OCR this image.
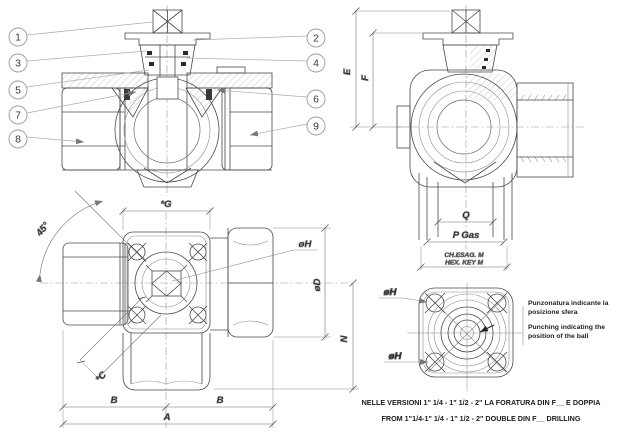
1
3
5
7
8
2
4
6
9
E
F
Q
P Gas
CH.ESAG. M
HEX. KEY M
*G
45°
øH
øD
N
*C
B	B
A
øH
øH
Punzonatura indicante la
posizione sfera
Punching indicating the
position of the ball
NELLE VERSIONI 1" 1/4 - 1" 1/2 - 2" LA FORATURA DIN F__ E DOPPIA
FROM 1"1/4-1" 1/4 - 1" 1/2 - 2" DOUBLE DIN F__ DRILLING
